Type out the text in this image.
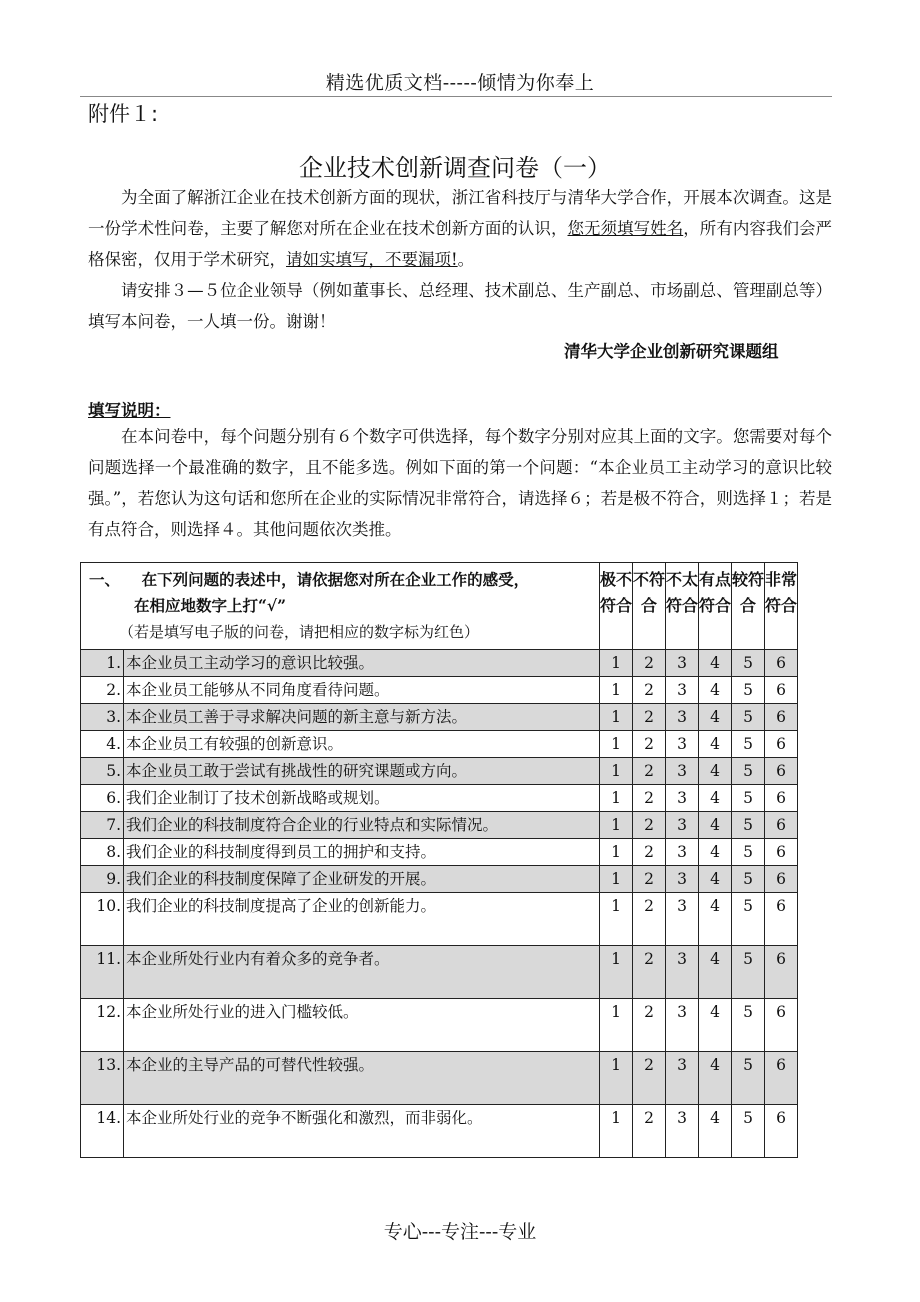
精选优质文档-----倾情为你奉上
附件１:
企业技术创新调查问卷（一）
为全面了解浙江企业在技术创新方面的现状，浙江省科技厅与清华大学合作，开展本次调查。这是一份学术性问卷，主要了解您对所在企业在技术创新方面的认识，您无须填写姓名，所有内容我们会严格保密，仅用于学术研究，请如实填写，不要漏项!。
请安排３—５位企业领导（例如董事长、总经理、技术副总、生产副总、市场副总、管理副总等）填写本问卷，一人填一份。谢谢！
清华大学企业创新研究课题组
填写说明：
在本问卷中，每个问题分别有６个数字可供选择，每个数字分别对应其上面的文字。您需要对每个问题选择一个最准确的数字，且不能多选。例如下面的第一个问题：“本企业员工主动学习的意识比较强。”，若您认为这句话和您所在企业的实际情况非常符合，请选择６；若是极不符合，则选择１；若是有点符合，则选择４。其他问题依次类推。
一、 在下列问题的表述中，请依据您对所在企业工作的感受，
在相应地数字上打“√”
（若是填写电子版的问卷，请把相应的数字标为红色）		极不符合	不符合	不太符合	有点符合	较符合	非常符合
1.	本企业员工主动学习的意识比较强。	1	2	3	4	5	6
2.	本企业员工能够从不同角度看待问题。	1	2	3	4	5	6
3.	本企业员工善于寻求解决问题的新主意与新方法。	1	2	3	4	5	6
4.	本企业员工有较强的创新意识。	1	2	3	4	5	6
5.	本企业员工敢于尝试有挑战性的研究课题或方向。	1	2	3	4	5	6
6.	我们企业制订了技术创新战略或规划。	1	2	3	4	5	6
7.	我们企业的科技制度符合企业的行业特点和实际情况。	1	2	3	4	5	6
8.	我们企业的科技制度得到员工的拥护和支持。	1	2	3	4	5	6
9.	我们企业的科技制度保障了企业研发的开展。	1	2	3	4	5	6
10.	我们企业的科技制度提高了企业的创新能力。	1	2	3	4	5	6
11.	本企业所处行业内有着众多的竞争者。	1	2	3	4	5	6
12.	本企业所处行业的进入门槛较低。	1	2	3	4	5	6
13.	本企业的主导产品的可替代性较强。	1	2	3	4	5	6
14.	本企业所处行业的竞争不断强化和激烈，而非弱化。	1	2	3	4	5	6
专心---专注---专业
